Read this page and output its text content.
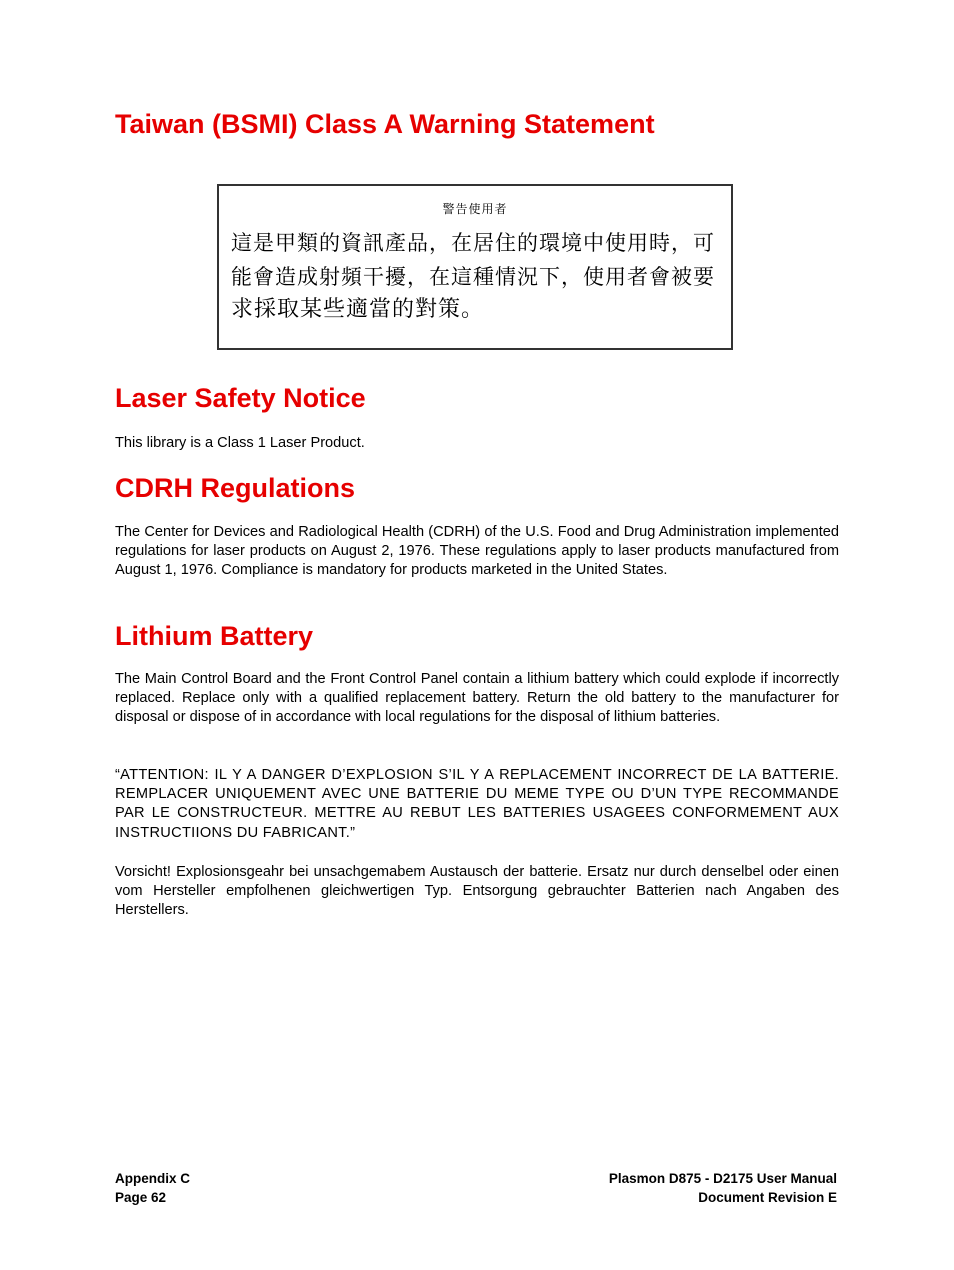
Taiwan (BSMI) Class A Warning Statement
Laser Safety Notice

This library is a Class 1 Laser Product.

CDRH Regulations

The Center for Devices and Radiological Health (CDRH) of the U.S. Food and Drug Administration implemented regulations for laser products on August 2, 1976. These regulations apply to laser products manufactured from August 1, 1976. Compliance is mandatory for products marketed in the United States.

Lithium Battery

The Main Control Board and the Front Control Panel contain a lithium battery which could explode if incorrectly replaced. Replace only with a qualified replacement battery. Return the old battery to the manufacturer for disposal or dispose of in accordance with local regulations for the disposal of lithium batteries.

“ATTENTION: IL Y A DANGER D’EXPLOSION S’IL Y A REPLACEMENT INCORRECT DE LA BATTERIE. REMPLACER UNIQUEMENT AVEC UNE BATTERIE DU MEME TYPE OU D’UN TYPE RECOMMANDE PAR LE CONSTRUCTEUR. METTRE AU REBUT LES BATTERIES USAGEES CONFORMEMENT AUX INSTRUCTIIONS DU FABRICANT.”

Vorsicht! Explosionsgeahr bei unsachgemabem Austausch der batterie. Ersatz nur durch denselbel oder einen vom Hersteller empfolhenen gleichwertigen Typ. Entsorgung gebrauchter Batterien nach Angaben des Herstellers.

警告使用者
這是甲類的資訊產品，在居住的環境中使用時，可
能會造成射頻干擾，在這種情況下，使用者會被要
求採取某些適當的對策。
Appendix C
Page 62
Plasmon D875 - D2175 User Manual
Document Revision E
